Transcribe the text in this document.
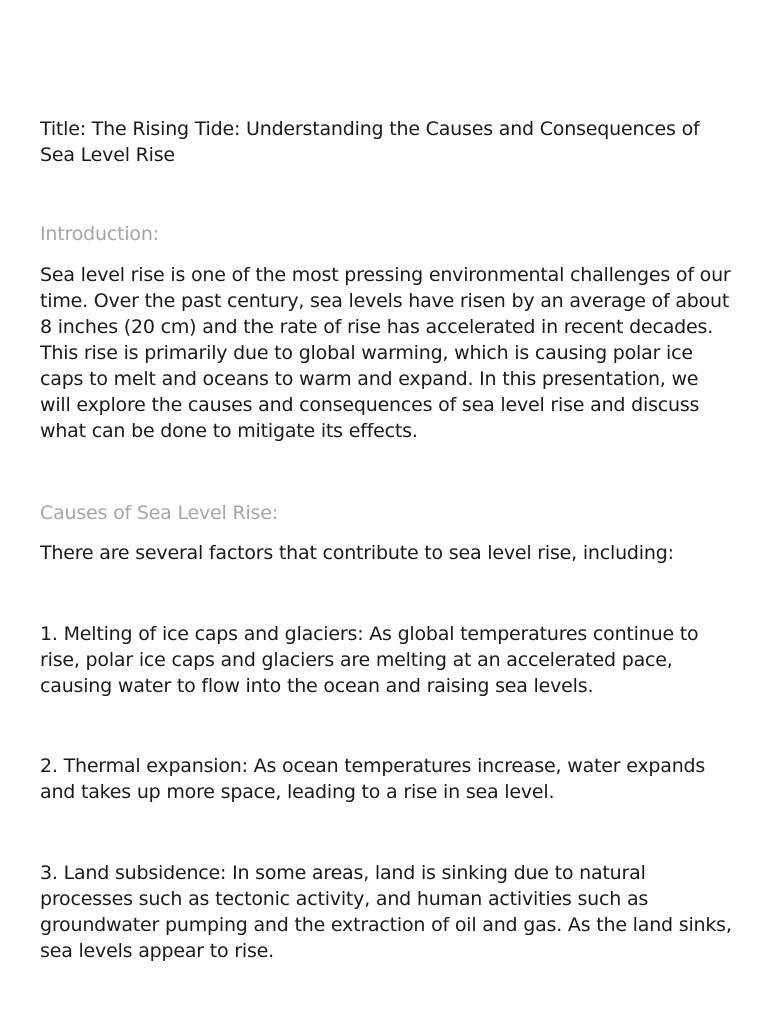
Title: The Rising Tide: Understanding the Causes and Consequences of Sea Level Rise

Introduction:

Sea level rise is one of the most pressing environmental challenges of our time. Over the past century, sea levels have risen by an average of about 8 inches (20 cm) and the rate of rise has accelerated in recent decades. This rise is primarily due to global warming, which is causing polar ice caps to melt and oceans to warm and expand. In this presentation, we will explore the causes and consequences of sea level rise and discuss what can be done to mitigate its effects.

Causes of Sea Level Rise:

There are several factors that contribute to sea level rise, including:

1. Melting of ice caps and glaciers: As global temperatures continue to rise, polar ice caps and glaciers are melting at an accelerated pace, causing water to flow into the ocean and raising sea levels.

2. Thermal expansion: As ocean temperatures increase, water expands and takes up more space, leading to a rise in sea level.

3. Land subsidence: In some areas, land is sinking due to natural processes such as tectonic activity, and human activities such as groundwater pumping and the extraction of oil and gas. As the land sinks, sea levels appear to rise.
